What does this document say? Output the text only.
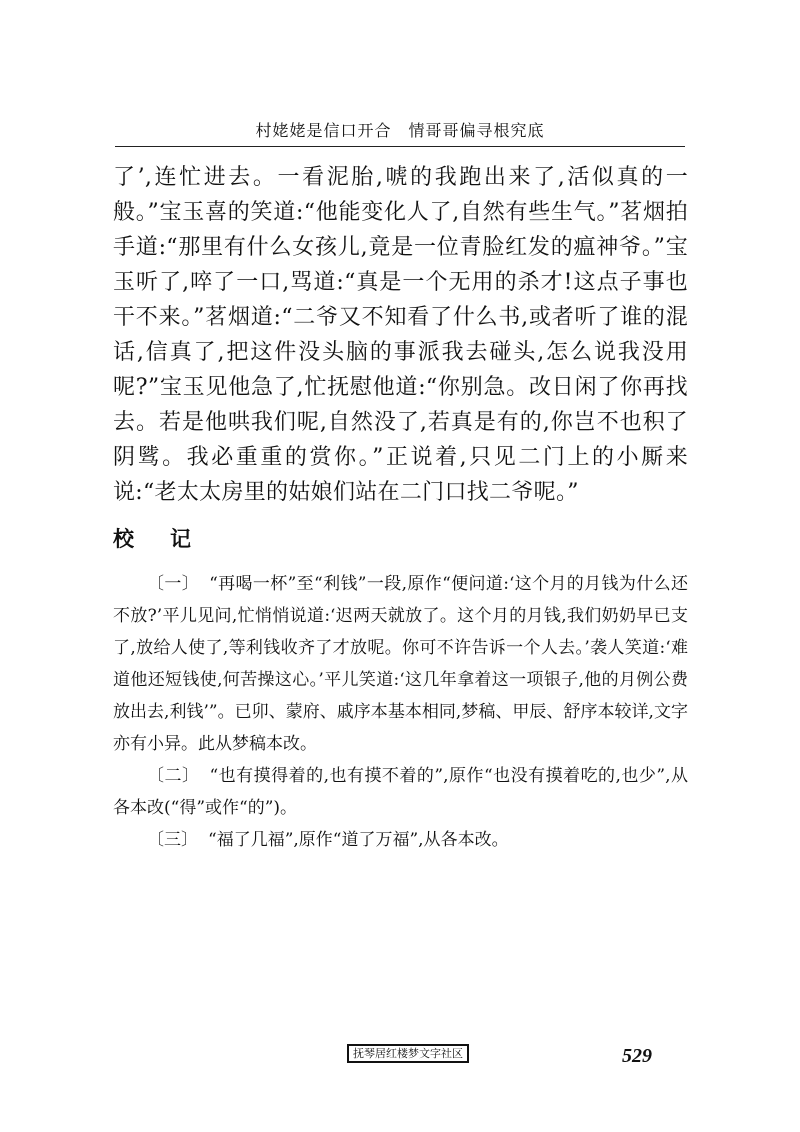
村姥姥是信口开合　情哥哥偏寻根究底

了’,连忙进去。一看泥胎,唬的我跑出来了,活似真的一般。”宝玉喜的笑道:“他能变化人了,自然有些生气。”茗烟拍手道:“那里有什么女孩儿,竟是一位青脸红发的瘟神爷。”宝玉听了,啐了一口,骂道:“真是一个无用的杀才!这点子事也干不来。”茗烟道:“二爷又不知看了什么书,或者听了谁的混话,信真了,把这件没头脑的事派我去碰头,怎么说我没用呢?”宝玉见他急了,忙抚慰他道:“你别急。改日闲了你再找去。若是他哄我们呢,自然没了,若真是有的,你岂不也积了阴骘。我必重重的赏你。”正说着,只见二门上的小厮来说:“老太太房里的姑娘们站在二门口找二爷呢。”

校记

〔一〕 “再喝一杯”至“利钱”一段,原作“便问道:‘这个月的月钱为什么还不放?’平儿见问,忙悄悄说道:‘迟两天就放了。这个月的月钱,我们奶奶早已支了,放给人使了,等利钱收齐了才放呢。你可不许告诉一个人去。’袭人笑道:‘难道他还短钱使,何苦操这心。’平儿笑道:‘这几年拿着这一项银子,他的月例公费放出去,利钱’”。已卯、蒙府、戚序本基本相同,梦稿、甲辰、舒序本较详,文字亦有小异。此从梦稿本改。

〔二〕 “也有摸得着的,也有摸不着的”,原作“也没有摸着吃的,也少”,从各本改(“得”或作“的”)。

〔三〕 “福了几福”,原作“道了万福”,从各本改。

抚琴居红楼梦文字社区	529
